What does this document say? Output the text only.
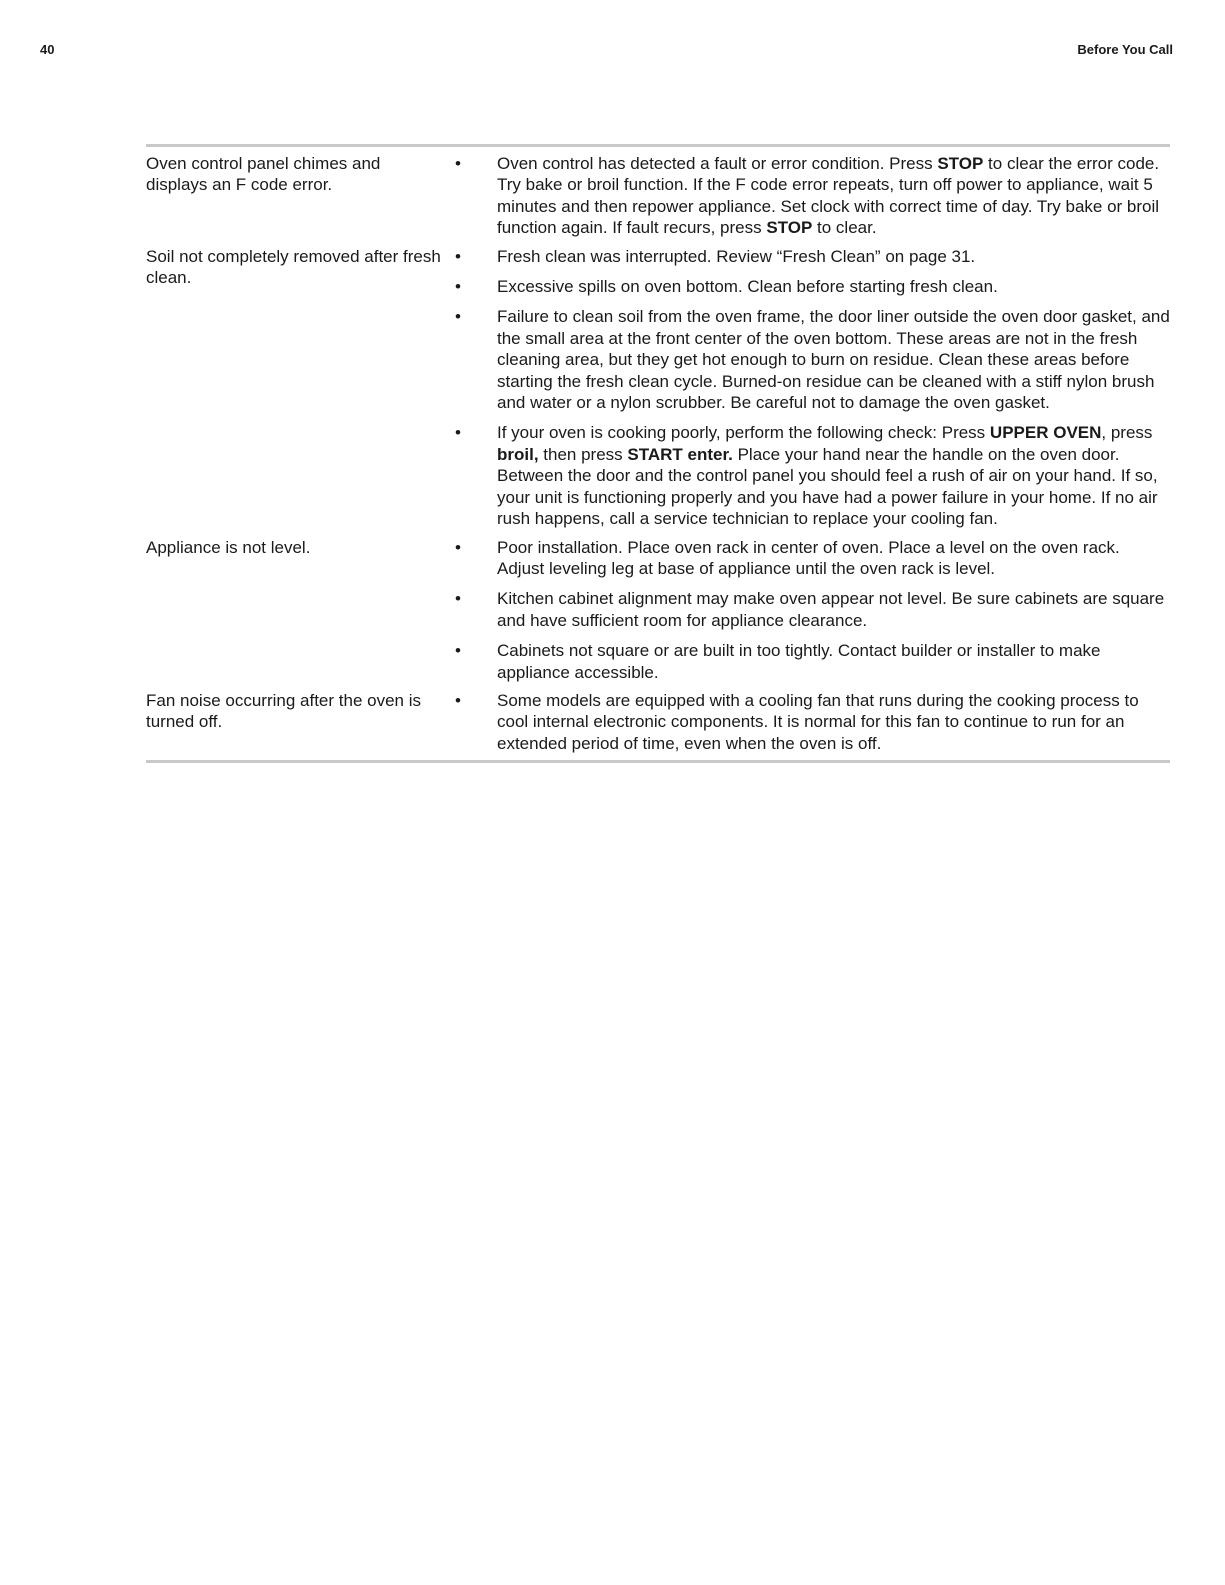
40	Before You Call
Oven control panel chimes and displays an F code error.
• Oven control has detected a fault or error condition. Press STOP to clear the error code. Try bake or broil function. If the F code error repeats, turn off power to appliance, wait 5 minutes and then repower appliance. Set clock with correct time of day. Try bake or broil function again. If fault recurs, press STOP to clear.
Soil not completely removed after fresh clean.
• Fresh clean was interrupted. Review “Fresh Clean” on page 31.
• Excessive spills on oven bottom. Clean before starting fresh clean.
• Failure to clean soil from the oven frame, the door liner outside the oven door gasket, and the small area at the front center of the oven bottom. These areas are not in the fresh cleaning area, but they get hot enough to burn on residue. Clean these areas before starting the fresh clean cycle. Burned-on residue can be cleaned with a stiff nylon brush and water or a nylon scrubber. Be careful not to damage the oven gasket.
• If your oven is cooking poorly, perform the following check: Press UPPER OVEN, press broil, then press START enter. Place your hand near the handle on the oven door. Between the door and the control panel you should feel a rush of air on your hand. If so, your unit is functioning properly and you have had a power failure in your home. If no air rush happens, call a service technician to replace your cooling fan.
Appliance is not level.	• Poor installation. Place oven rack in center of oven. Place a level on the oven rack. Adjust leveling leg at base of appliance until the oven rack is level.
• Kitchen cabinet alignment may make oven appear not level. Be sure cabinets are square and have sufficient room for appliance clearance.
• Cabinets not square or are built in too tightly. Contact builder or installer to make appliance accessible.
Fan noise occurring after the oven is turned off.
• Some models are equipped with a cooling fan that runs during the cooking process to cool internal electronic components. It is normal for this fan to continue to run for an extended period of time, even when the oven is off.
